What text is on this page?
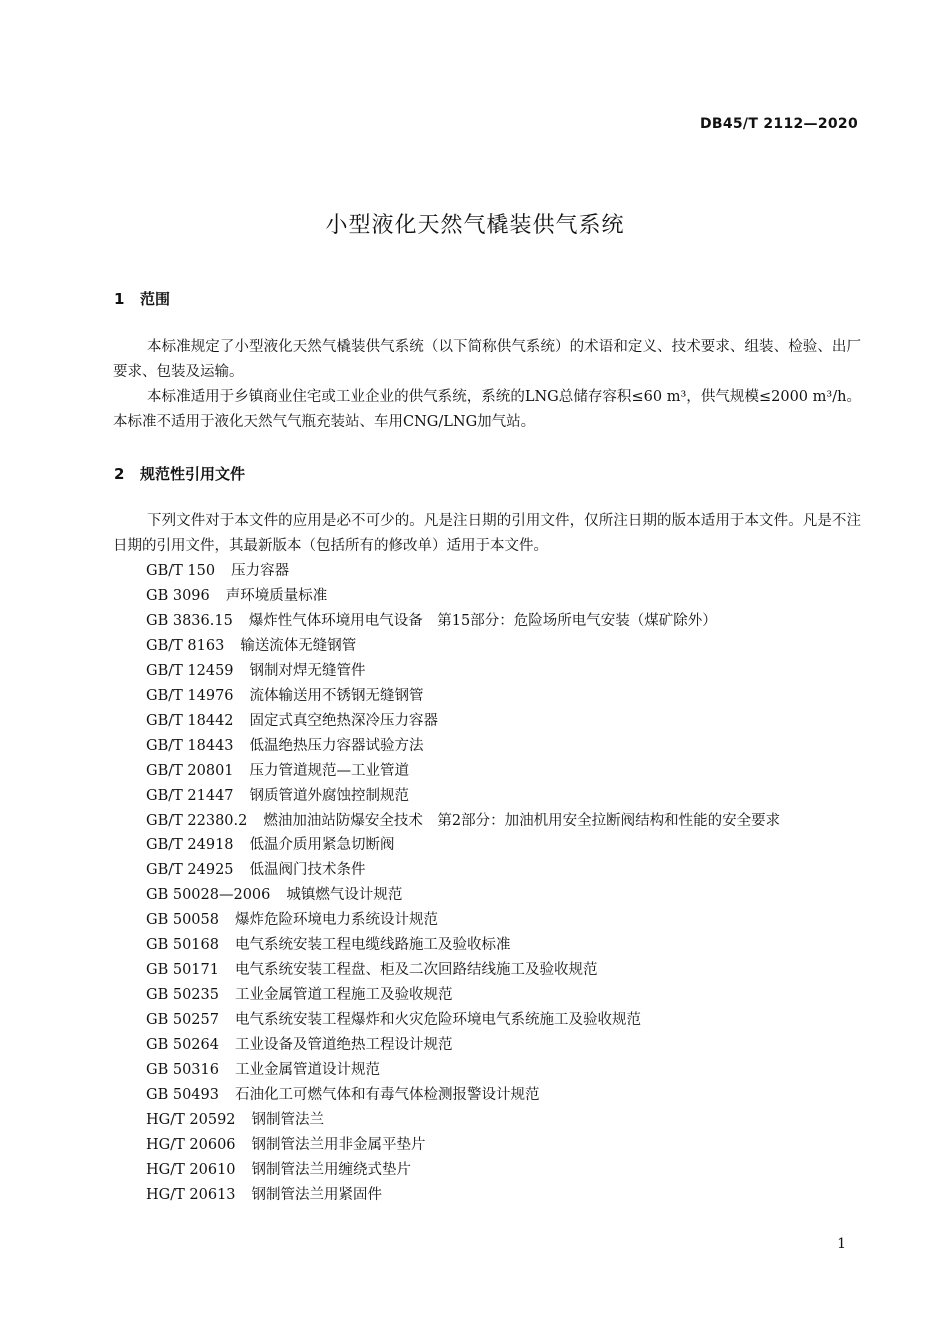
DB45/T 2112—2020
小型液化天然气橇装供气系统
1 范围

本标准规定了小型液化天然气橇装供气系统（以下简称供气系统）的术语和定义、技术要求、组装、检验、出厂要求、包装及运输。

本标准适用于乡镇商业住宅或工业企业的供气系统，系统的LNG总储存容积≤60 m³，供气规模≤2000 m³/h。本标准不适用于液化天然气气瓶充装站、车用CNG/LNG加气站。

2 规范性引用文件

下列文件对于本文件的应用是必不可少的。凡是注日期的引用文件，仅所注日期的版本适用于本文件。凡是不注日期的引用文件，其最新版本（包括所有的修改单）适用于本文件。

GB/T 150 压力容器
GB 3096 声环境质量标准
GB 3836.15 爆炸性气体环境用电气设备　第15部分：危险场所电气安装（煤矿除外）
GB/T 8163 输送流体无缝钢管
GB/T 12459 钢制对焊无缝管件
GB/T 14976 流体输送用不锈钢无缝钢管
GB/T 18442 固定式真空绝热深冷压力容器
GB/T 18443 低温绝热压力容器试验方法
GB/T 20801 压力管道规范—工业管道
GB/T 21447 钢质管道外腐蚀控制规范
GB/T 22380.2 燃油加油站防爆安全技术　第2部分：加油机用安全拉断阀结构和性能的安全要求
GB/T 24918 低温介质用紧急切断阀
GB/T 24925 低温阀门技术条件
GB 50028—2006 城镇燃气设计规范
GB 50058 爆炸危险环境电力系统设计规范
GB 50168 电气系统安装工程电缆线路施工及验收标准
GB 50171 电气系统安装工程盘、柜及二次回路结线施工及验收规范
GB 50235 工业金属管道工程施工及验收规范
GB 50257 电气系统安装工程爆炸和火灾危险环境电气系统施工及验收规范
GB 50264 工业设备及管道绝热工程设计规范
GB 50316 工业金属管道设计规范
GB 50493 石油化工可燃气体和有毒气体检测报警设计规范
HG/T 20592 钢制管法兰
HG/T 20606 钢制管法兰用非金属平垫片
HG/T 20610 钢制管法兰用缠绕式垫片
HG/T 20613 钢制管法兰用紧固件
1
